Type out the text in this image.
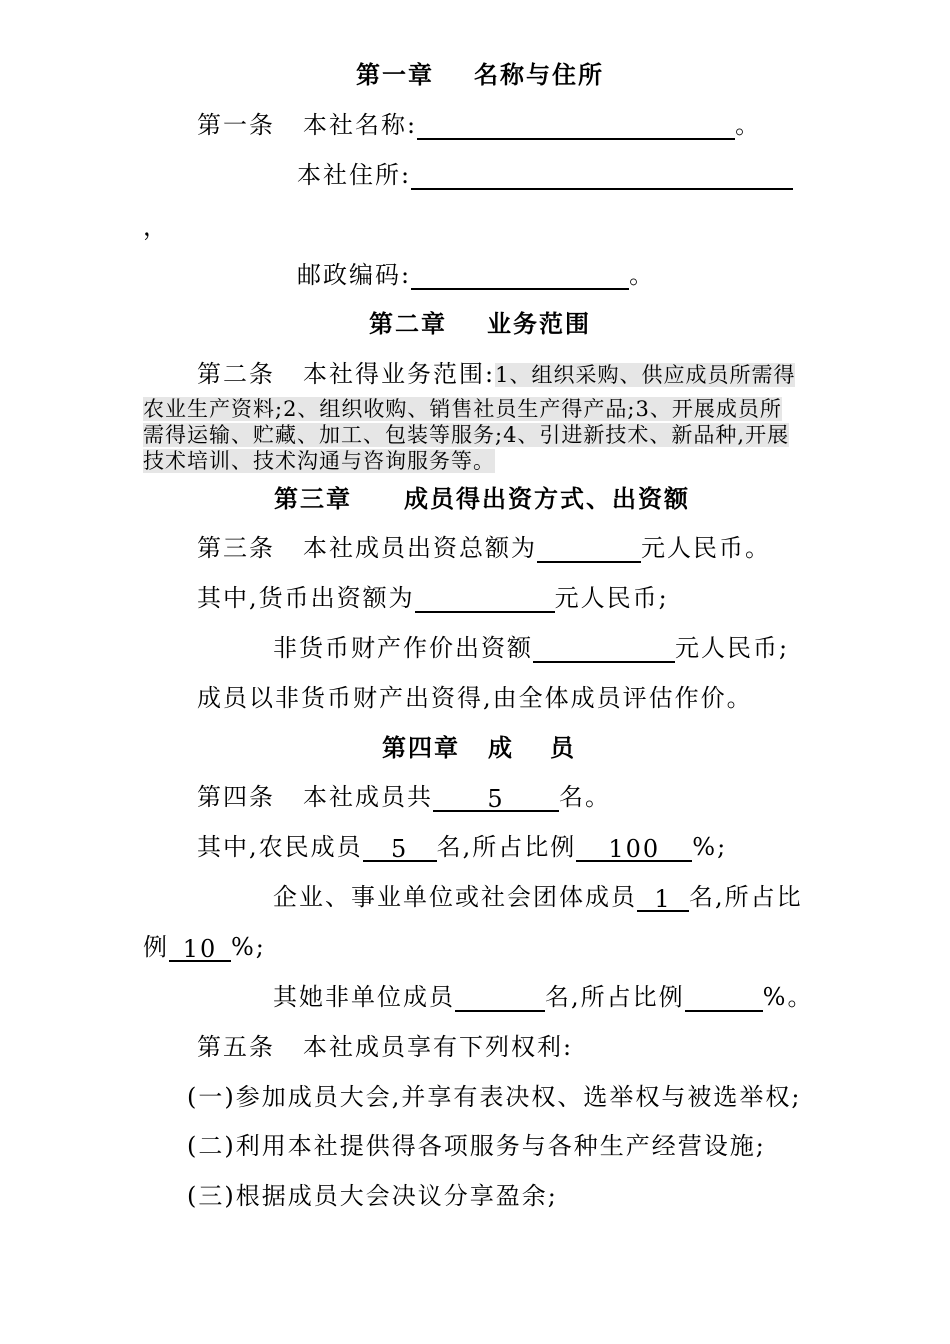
第一章 名称与住所
第一条 本社名称:	。
本社住所:
，
邮政编码:	。
第二章 业务范围
第二条 本社得业务范围:1、组织采购、供应成员所需得
农业生产资料;2、组织收购、销售社员生产得产品;3、开展成员所
需得运输、贮藏、加工、包装等服务;4、引进新技术、新品种,开展
技术培训、技术沟通与咨询服务等。
第三章 成员得出资方式、出资额
第三条 本社成员出资总额为	元人民币。
其中,货币出资额为	元人民币;
非货币财产作价出资额	元人民币;
成员以非货币财产出资得,由全体成员评估作价。
第四章 成 员
第四条 本社成员共 5 名。
其中,农民成员 5 名,所占比例 100 %;
企业、事业单位或社会团体成员 1 名,所占比
例 10 %;
其她非单位成员	名,所占比例	%。
第五条 本社成员享有下列权利:
(一)参加成员大会,并享有表决权、选举权与被选举权;
(二)利用本社提供得各项服务与各种生产经营设施;
(三)根据成员大会决议分享盈余;
